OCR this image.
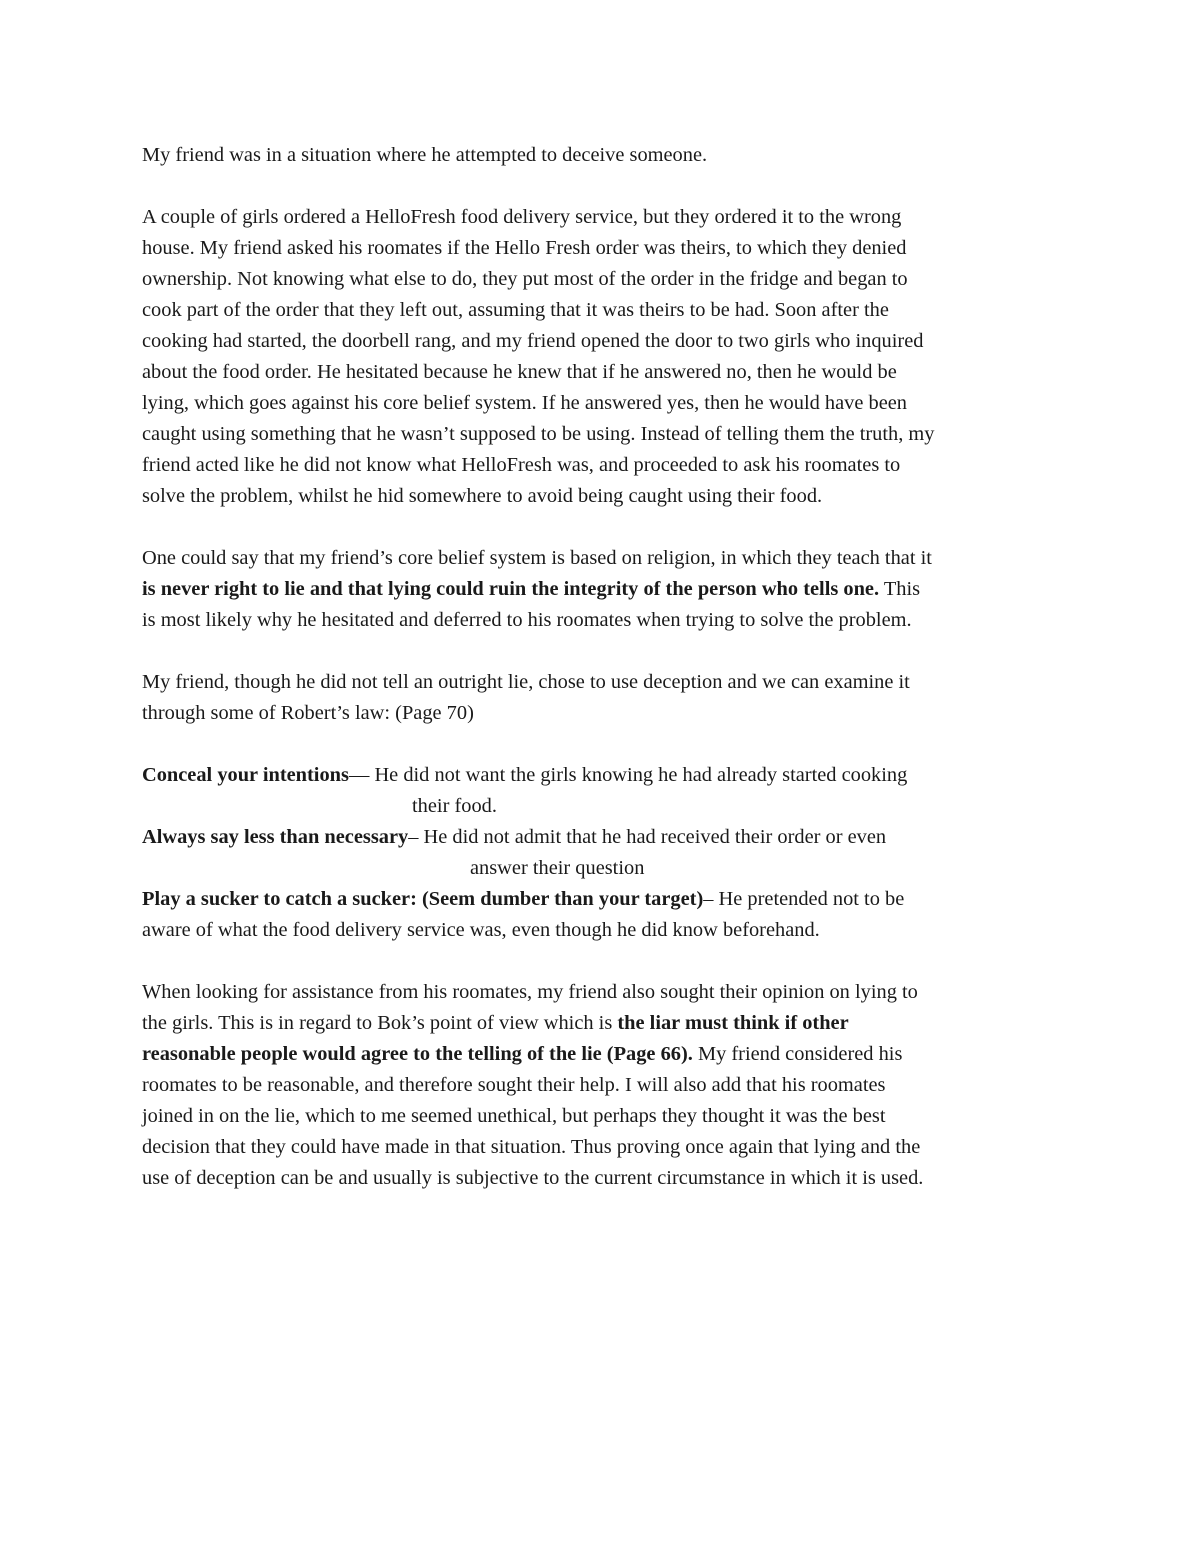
My friend was in a situation where he attempted to deceive someone.

A couple of girls ordered a HelloFresh food delivery service, but they ordered it to the wrong
house. My friend asked his roomates if the Hello Fresh order was theirs, to which they denied
ownership. Not knowing what else to do, they put most of the order in the fridge and began to
cook part of the order that they left out, assuming that it was theirs to be had. Soon after the
cooking had started, the doorbell rang, and my friend opened the door to two girls who inquired
about the food order. He hesitated because he knew that if he answered no, then he would be
lying, which goes against his core belief system. If he answered yes, then he would have been
caught using something that he wasn’t supposed to be using. Instead of telling them the truth, my
friend acted like he did not know what HelloFresh was, and proceeded to ask his roomates to
solve the problem, whilst he hid somewhere to avoid being caught using their food.

One could say that my friend’s core belief system is based on religion, in which they teach that it
is never right to lie and that lying could ruin the integrity of the person who tells one. This
is most likely why he hesitated and deferred to his roomates when trying to solve the problem.

My friend, though he did not tell an outright lie, chose to use deception and we can examine it
through some of Robert’s law: (Page 70)

Conceal your intentions— He did not want the girls knowing he had already started cooking
their food.

Always say less than necessary– He did not admit that he had received their order or even
answer their question

Play a sucker to catch a sucker: (Seem dumber than your target)– He pretended not to be
aware of what the food delivery service was, even though he did know beforehand.

When looking for assistance from his roomates, my friend also sought their opinion on lying to
the girls. This is in regard to Bok’s point of view which is the liar must think if other
reasonable people would agree to the telling of the lie (Page 66). My friend considered his
roomates to be reasonable, and therefore sought their help. I will also add that his roomates
joined in on the lie, which to me seemed unethical, but perhaps they thought it was the best
decision that they could have made in that situation. Thus proving once again that lying and the
use of deception can be and usually is subjective to the current circumstance in which it is used.
